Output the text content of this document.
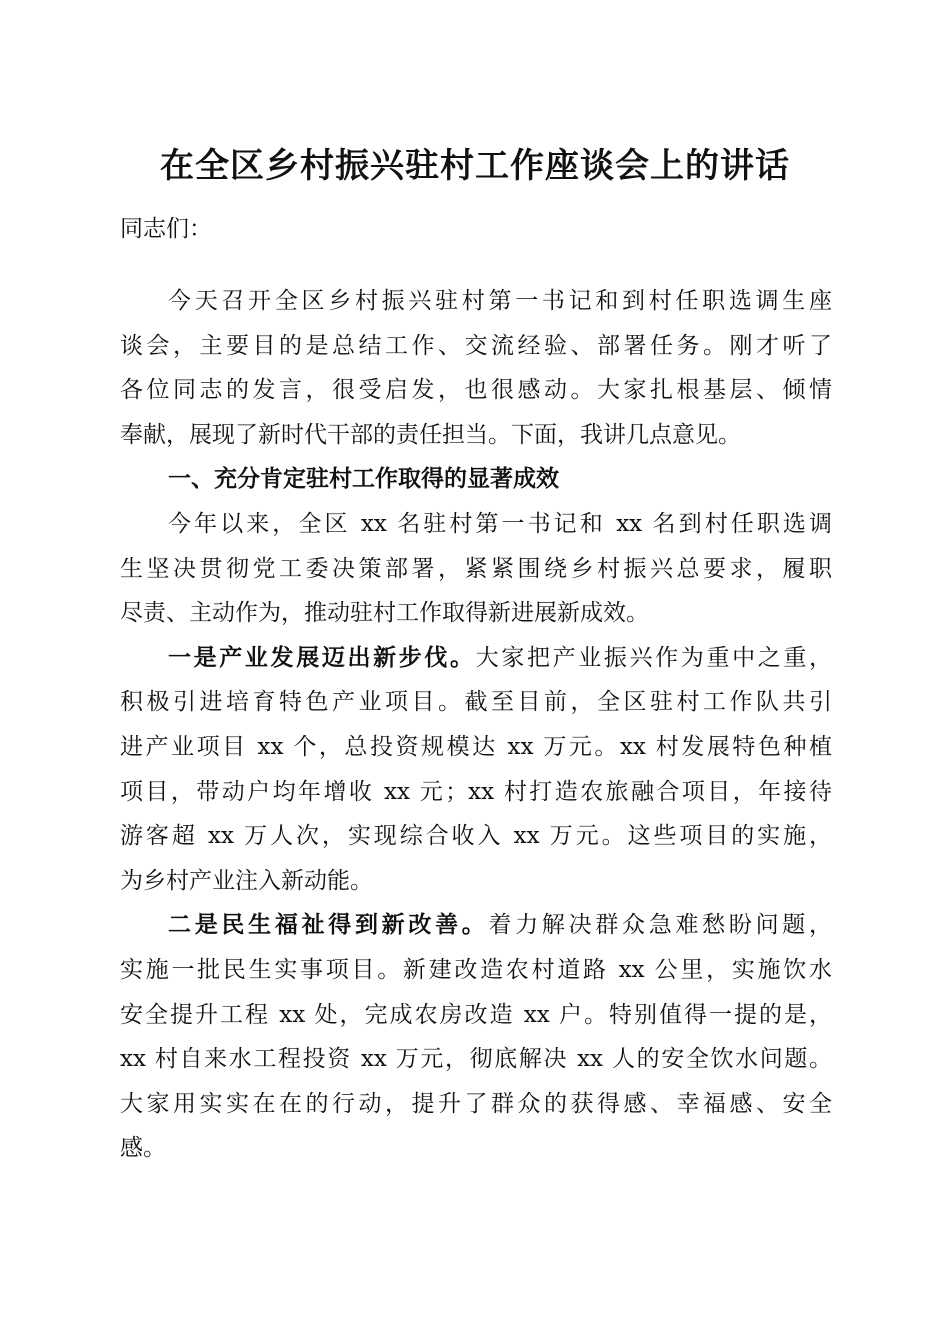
在全区乡村振兴驻村工作座谈会上的讲话
同志们：
今天召开全区乡村振兴驻村第一书记和到村任职选调生座
谈会，主要目的是总结工作、交流经验、部署任务。刚才听了
各位同志的发言，很受启发，也很感动。大家扎根基层、倾情
奉献，展现了新时代干部的责任担当。下面，我讲几点意见。
一、充分肯定驻村工作取得的显著成效
今年以来，全区 xx 名驻村第一书记和 xx 名到村任职选调
生坚决贯彻党工委决策部署，紧紧围绕乡村振兴总要求，履职
尽责、主动作为，推动驻村工作取得新进展新成效。
一是产业发展迈出新步伐。大家把产业振兴作为重中之重，
积极引进培育特色产业项目。截至目前，全区驻村工作队共引
进产业项目 xx 个，总投资规模达 xx 万元。xx 村发展特色种植
项目，带动户均年增收 xx 元；xx 村打造农旅融合项目，年接待
游客超 xx 万人次，实现综合收入 xx 万元。这些项目的实施，
为乡村产业注入新动能。
二是民生福祉得到新改善。着力解决群众急难愁盼问题，
实施一批民生实事项目。新建改造农村道路 xx 公里，实施饮水
安全提升工程 xx 处，完成农房改造 xx 户。特别值得一提的是，
xx 村自来水工程投资 xx 万元，彻底解决 xx 人的安全饮水问题。
大家用实实在在的行动，提升了群众的获得感、幸福感、安全
感。
